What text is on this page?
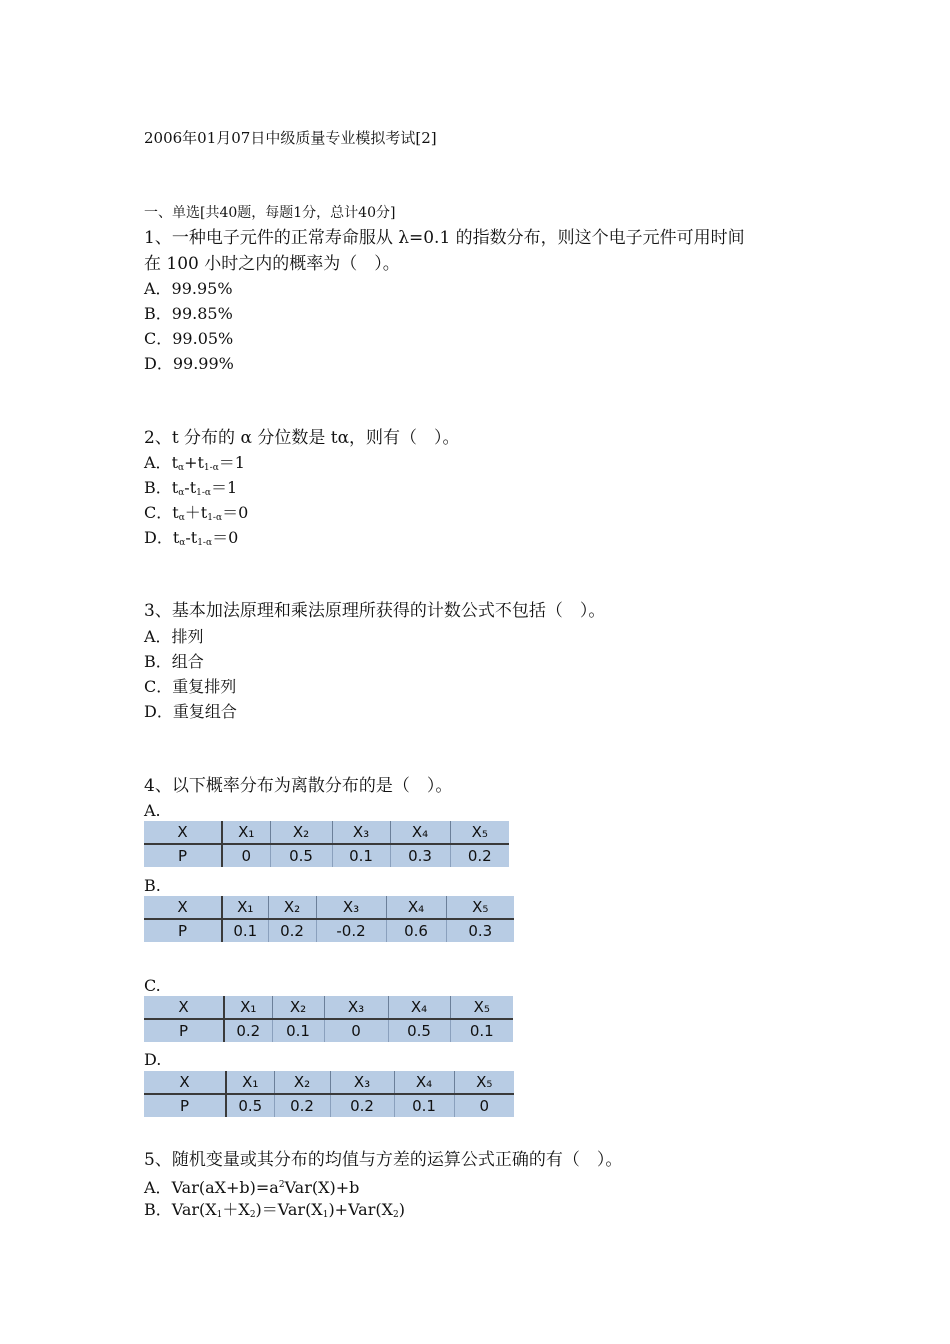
2006年01月07日中级质量专业模拟考试[2]
一、单选[共40题，每题1分，总计40分]
1、一种电子元件的正常寿命服从 λ=0.1 的指数分布，则这个电子元件可用时间
在 100 小时之内的概率为（　）。
A．99.95%
B．99.85%
C．99.05%
D．99.99%
2、t 分布的 α 分位数是 tα，则有（　）。
A．$t_\alpha+t_{1-\alpha}=1$
B．$t_\alpha-t_{1-\alpha}=1$
C．$t_\alpha+t_{1-\alpha}=0$
D．$t_\alpha-t_{1-\alpha}=0$
3、基本加法原理和乘法原理所获得的计数公式不包括（　）。
A．排列
B．组合
C．重复排列
D．重复组合
4、以下概率分布为离散分布的是（　）。
A.
X	X₁	X₂	X₃	X₄	X₅
P	0	0.5	0.1	0.3	0.2
B.
X	X₁	X₂	X₃	X₄	X₅
P	0.1	0.2	-0.2	0.6	0.3
C.
X	X₁	X₂	X₃	X₄	X₅
P	0.2	0.1	0	0.5	0.1
D.
X	X₁	X₂	X₃	X₄	X₅
P	0.5	0.2	0.2	0.1	0
5、随机变量或其分布的均值与方差的运算公式正确的有（　）。
A．$Var(aX+b)=a^2Var(X)+b$
B．$Var(X_1+X_2)=Var(X_1)+Var(X_2)$
